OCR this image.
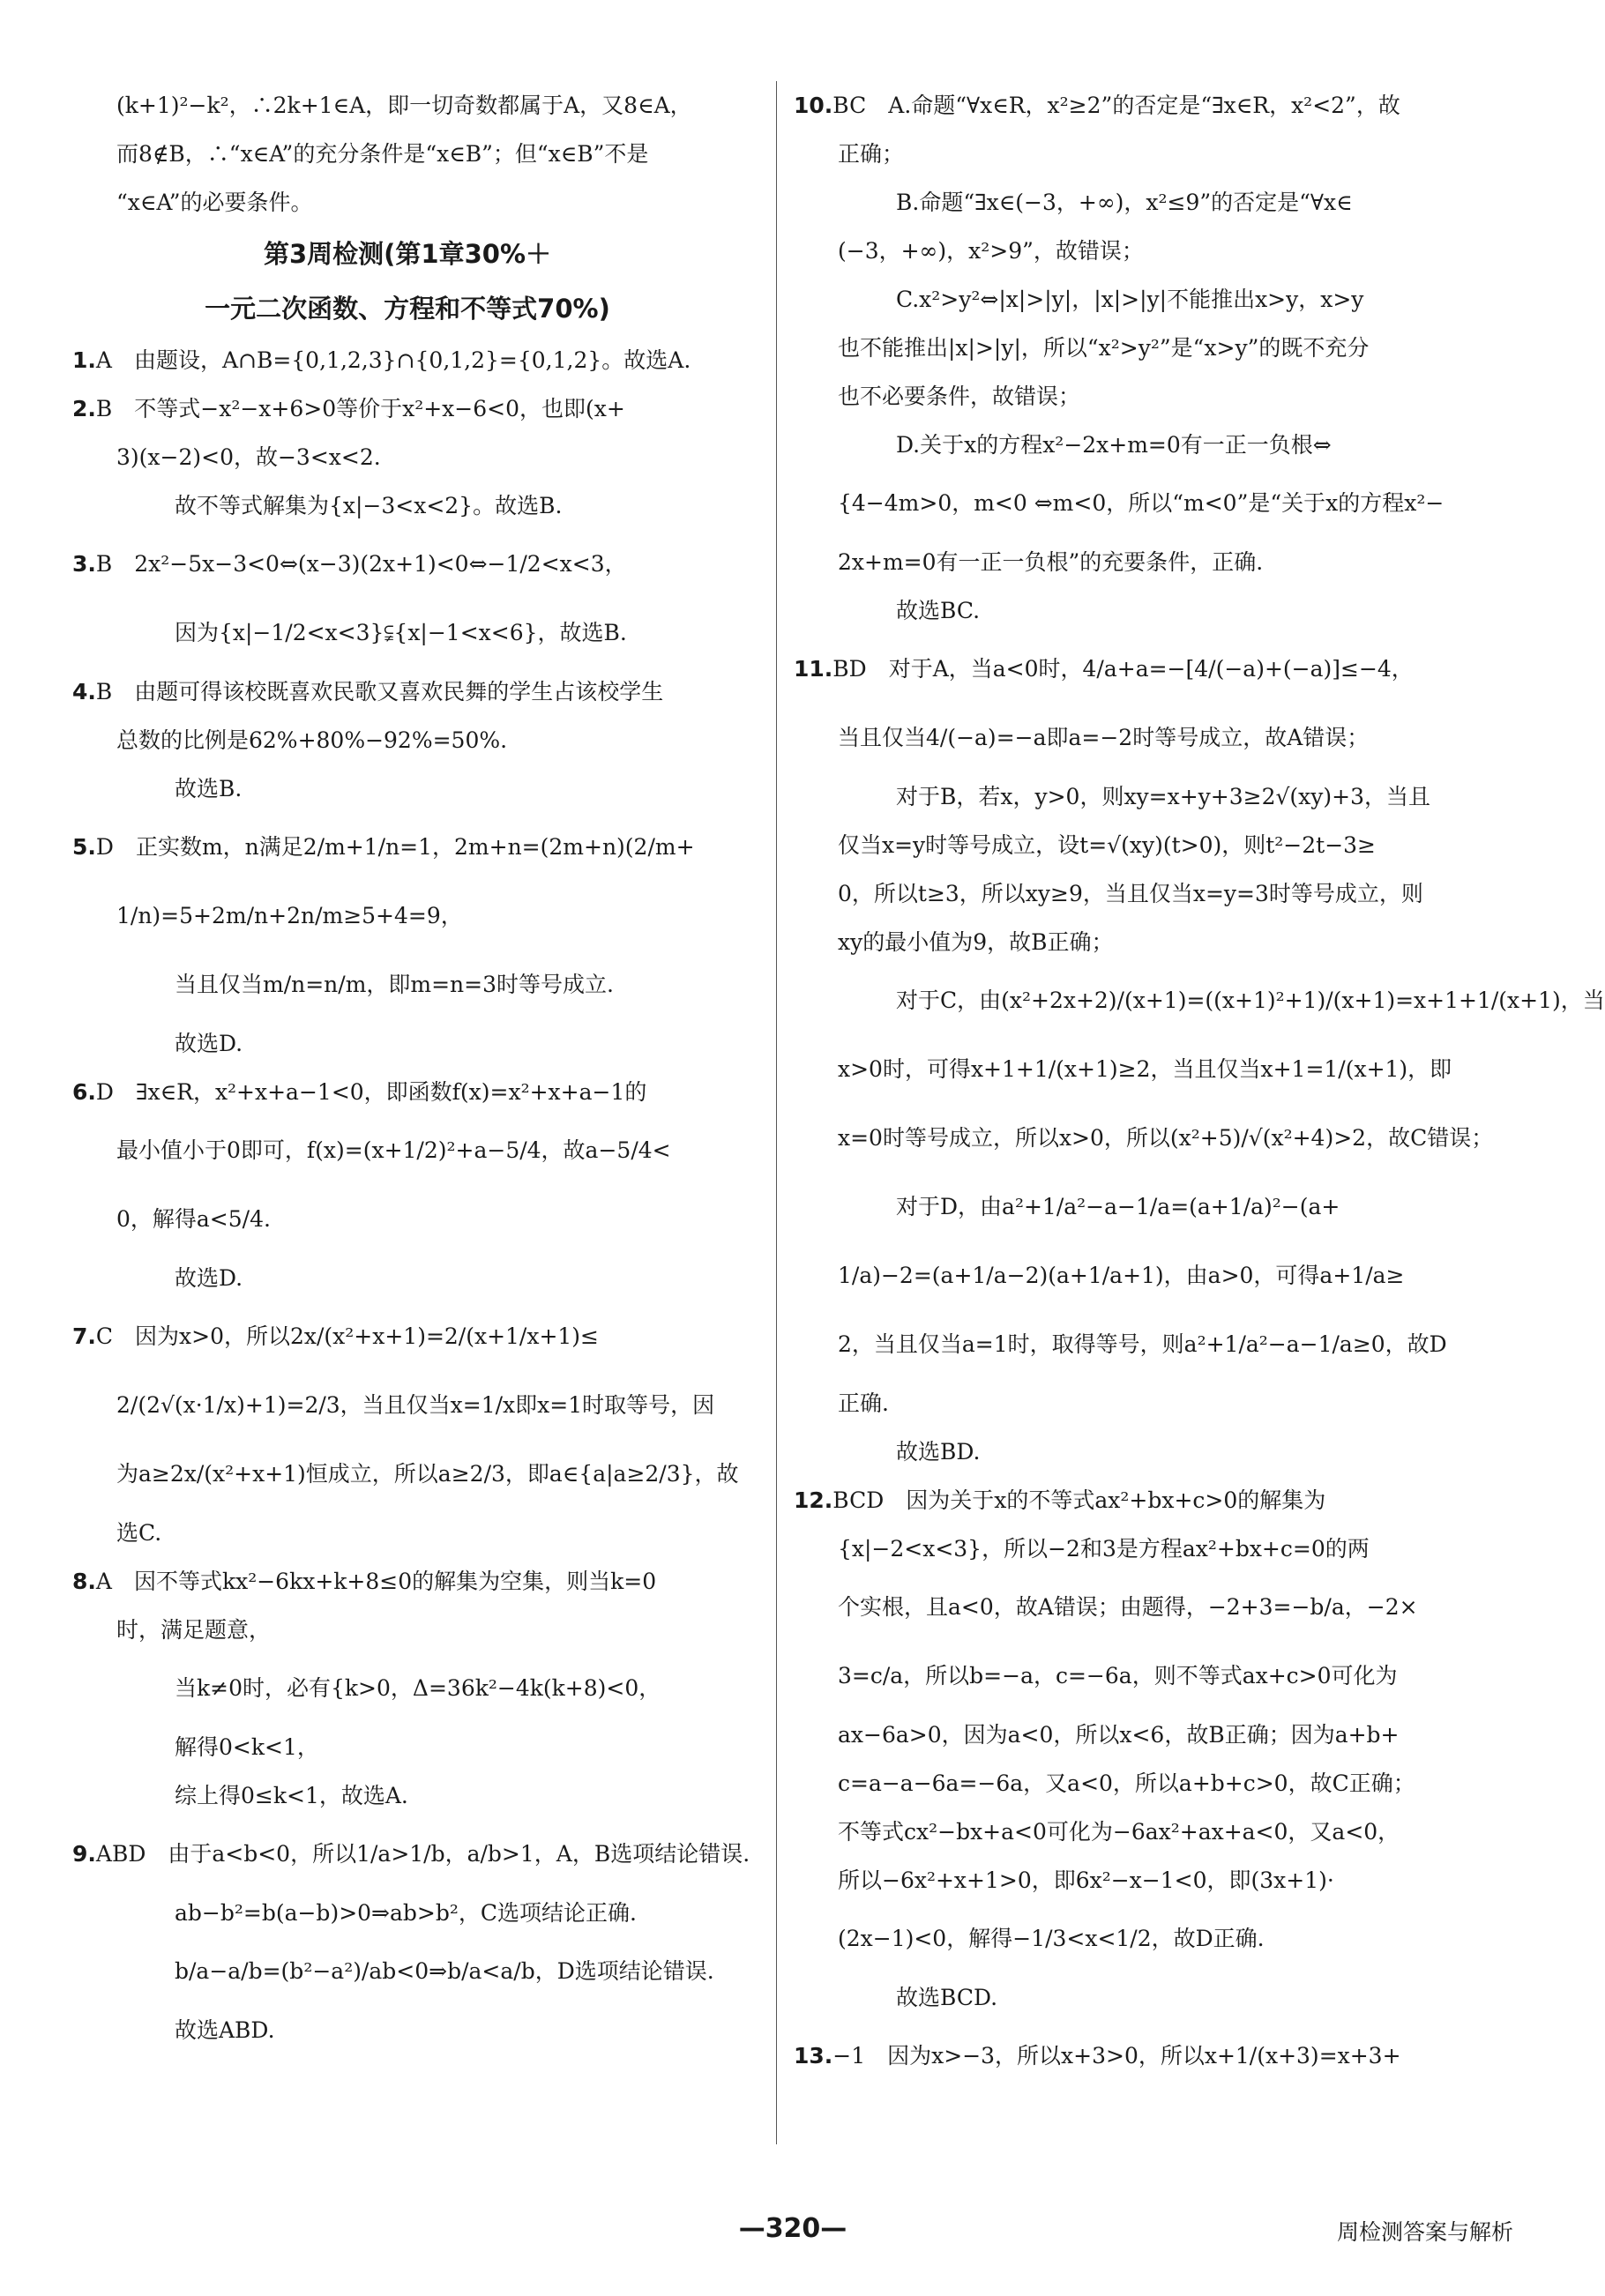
(k+1)²−k²，∴2k+1∈A，即一切奇数都属于A，又8∈A，
而8∉B，∴“x∈A”的充分条件是“x∈B”；但“x∈B”不是
“x∈A”的必要条件。
第3周检测(第1章30%＋
一元二次函数、方程和不等式70%)
1.A　由题设，A∩B={0,1,2,3}∩{0,1,2}={0,1,2}。故选A.
2.B　不等式−x²−x+6>0等价于x²+x−6<0，也即(x+
3)(x−2)<0，故−3<x<2.
故不等式解集为{x|−3<x<2}。故选B.
3.B　2x²−5x−3<0⇔(x−3)(2x+1)<0⇔−1/2<x<3，
因为{x|−1/2<x<3}⫋{x|−1<x<6}，故选B.
4.B　由题可得该校既喜欢民歌又喜欢民舞的学生占该校学生
总数的比例是62%+80%−92%=50%.
故选B.
5.D　正实数m，n满足2/m+1/n=1，2m+n=(2m+n)(2/m+
1/n)=5+2m/n+2n/m≥5+4=9，
当且仅当m/n=n/m，即m=n=3时等号成立.
故选D.
6.D　∃x∈R，x²+x+a−1<0，即函数f(x)=x²+x+a−1的
最小值小于0即可，f(x)=(x+1/2)²+a−5/4，故a−5/4<
0，解得a<5/4.
故选D.
7.C　因为x>0，所以2x/(x²+x+1)=2/(x+1/x+1)≤
2/(2√(x·1/x)+1)=2/3，当且仅当x=1/x即x=1时取等号，因
为a≥2x/(x²+x+1)恒成立，所以a≥2/3，即a∈{a|a≥2/3}，故
选C.
8.A　因不等式kx²−6kx+k+8≤0的解集为空集，则当k=0
时，满足题意，
当k≠0时，必有{k>0，Δ=36k²−4k(k+8)<0，
解得0<k<1，
综上得0≤k<1，故选A.
9.ABD　由于a<b<0，所以1/a>1/b，a/b>1，A，B选项结论错误.
ab−b²=b(a−b)>0⇒ab>b²，C选项结论正确.
b/a−a/b=(b²−a²)/ab<0⇒b/a<a/b，D选项结论错误.
故选ABD.
10.BC　A.命题“∀x∈R，x²≥2”的否定是“∃x∈R，x²<2”，故
正确；
B.命题“∃x∈(−3，+∞)，x²≤9”的否定是“∀x∈
(−3，+∞)，x²>9”，故错误；
C.x²>y²⇔|x|>|y|，|x|>|y|不能推出x>y，x>y
也不能推出|x|>|y|，所以“x²>y²”是“x>y”的既不充分
也不必要条件，故错误；
D.关于x的方程x²−2x+m=0有一正一负根⇔
{4−4m>0，m<0 ⇔m<0，所以“m<0”是“关于x的方程x²−
2x+m=0有一正一负根”的充要条件，正确.
故选BC.
11.BD　对于A，当a<0时，4/a+a=−[4/(−a)+(−a)]≤−4，
当且仅当4/(−a)=−a即a=−2时等号成立，故A错误；
对于B，若x，y>0，则xy=x+y+3≥2√(xy)+3，当且
仅当x=y时等号成立，设t=√(xy)(t>0)，则t²−2t−3≥
0，所以t≥3，所以xy≥9，当且仅当x=y=3时等号成立，则
xy的最小值为9，故B正确；
对于C，由(x²+2x+2)/(x+1)=((x+1)²+1)/(x+1)=x+1+1/(x+1)，当
x>0时，可得x+1+1/(x+1)≥2，当且仅当x+1=1/(x+1)，即
x=0时等号成立，所以x>0，所以(x²+5)/√(x²+4)>2，故C错误；
对于D，由a²+1/a²−a−1/a=(a+1/a)²−(a+
1/a)−2=(a+1/a−2)(a+1/a+1)，由a>0，可得a+1/a≥
2，当且仅当a=1时，取得等号，则a²+1/a²−a−1/a≥0，故D
正确.
故选BD.
12.BCD　因为关于x的不等式ax²+bx+c>0的解集为
{x|−2<x<3}，所以−2和3是方程ax²+bx+c=0的两
个实根，且a<0，故A错误；由题得，−2+3=−b/a，−2×
3=c/a，所以b=−a，c=−6a，则不等式ax+c>0可化为
ax−6a>0，因为a<0，所以x<6，故B正确；因为a+b+
c=a−a−6a=−6a，又a<0，所以a+b+c>0，故C正确；
不等式cx²−bx+a<0可化为−6ax²+ax+a<0，又a<0，
所以−6x²+x+1>0，即6x²−x−1<0，即(3x+1)·
(2x−1)<0，解得−1/3<x<1/2，故D正确.
故选BCD.
13.−1　因为x>−3，所以x+3>0，所以x+1/(x+3)=x+3+
—320—	周检测答案与解析
